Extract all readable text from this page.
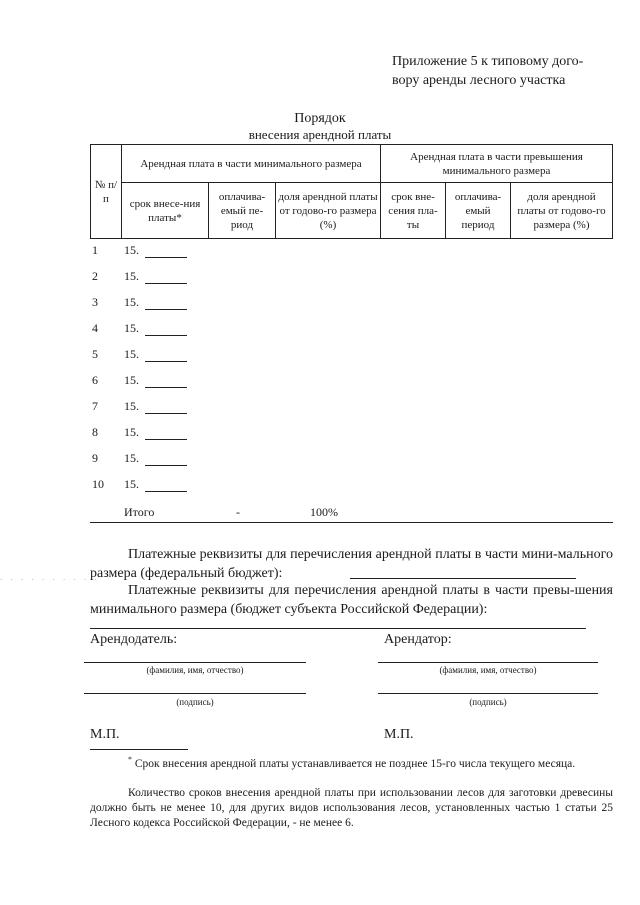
Приложение 5 к типовому дого-
вору аренды лесного участка
Порядок
внесения арендной платы
№ п/п	Арендная плата в части минимального размера			Арендная плата в части превышения минимального размера		
	срок внесе-ния платы*	оплачива-емый пе-риод	доля арендной платы от годово-го размера (%)	срок вне-сения пла-ты	оплачива-емый период	доля арендной платы от годово-го размера (%)
1 15.
2 15.
3 15.
4 15.
5 15.
6 15.
7 15.
8 15.
9 15.
10 15.
Итого	-	100%
. . . . . . . . . .
Платежные реквизиты для перечисления арендной платы в части мини-мального размера (федеральный бюджет):
Платежные реквизиты для перечисления арендной платы в части превы-шения минимального размера (бюджет субъекта Российской Федерации):
Арендодатель:	Арендатор:
(фамилия, имя, отчество)	(фамилия, имя, отчество)
(подпись)	(подпись)
М.П.	М.П.
* Срок внесения арендной платы устанавливается не позднее 15-го числа текущего месяца.
Количество сроков внесения арендной платы при использовании лесов для заготовки древесины должно быть не менее 10, для других видов использования лесов, установленных частью 1 статьи 25 Лесного кодекса Российской Федерации, - не менее 6.
